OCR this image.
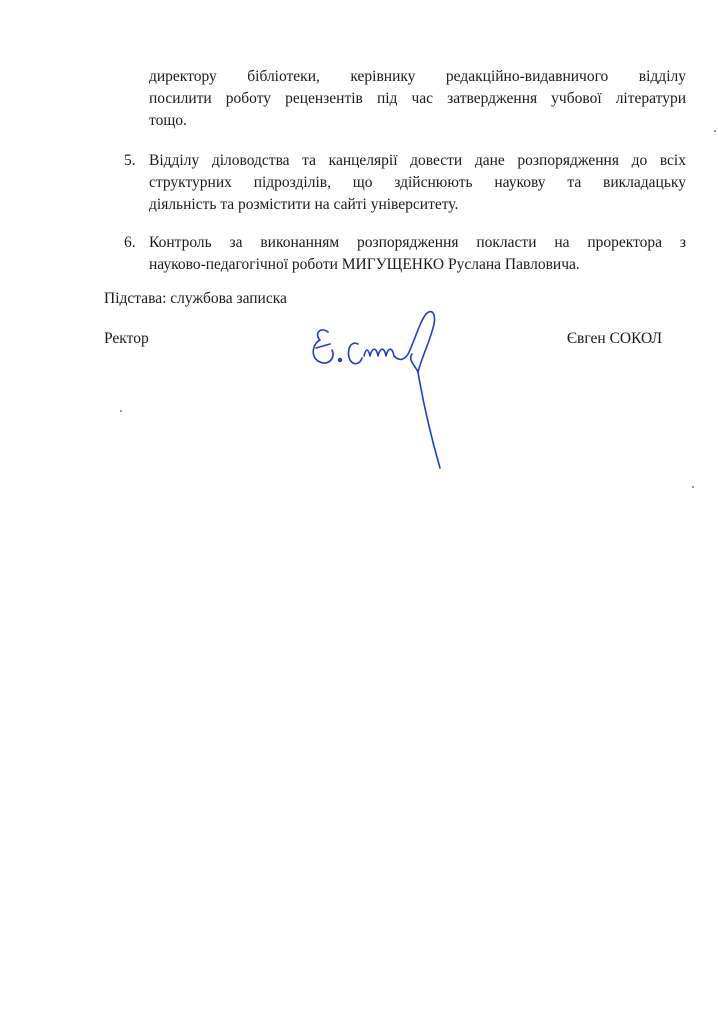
директору бібліотеки, керівнику редакційно-видавничого відділу
посилити роботу рецензентів під час затвердження учбової літератури
тощо.
5. Відділу діловодства та канцелярії довести дане розпорядження до всіх
структурних підрозділів, що здійснюють наукову та викладацьку
діяльність та розмістити на сайті університету.
6. Контроль за виконанням розпорядження покласти на проректора з
науково-педагогічної роботи МИГУЩЕНКО Руслана Павловича.
Підстава: службова записка
Ректор	Євген СОКОЛ
